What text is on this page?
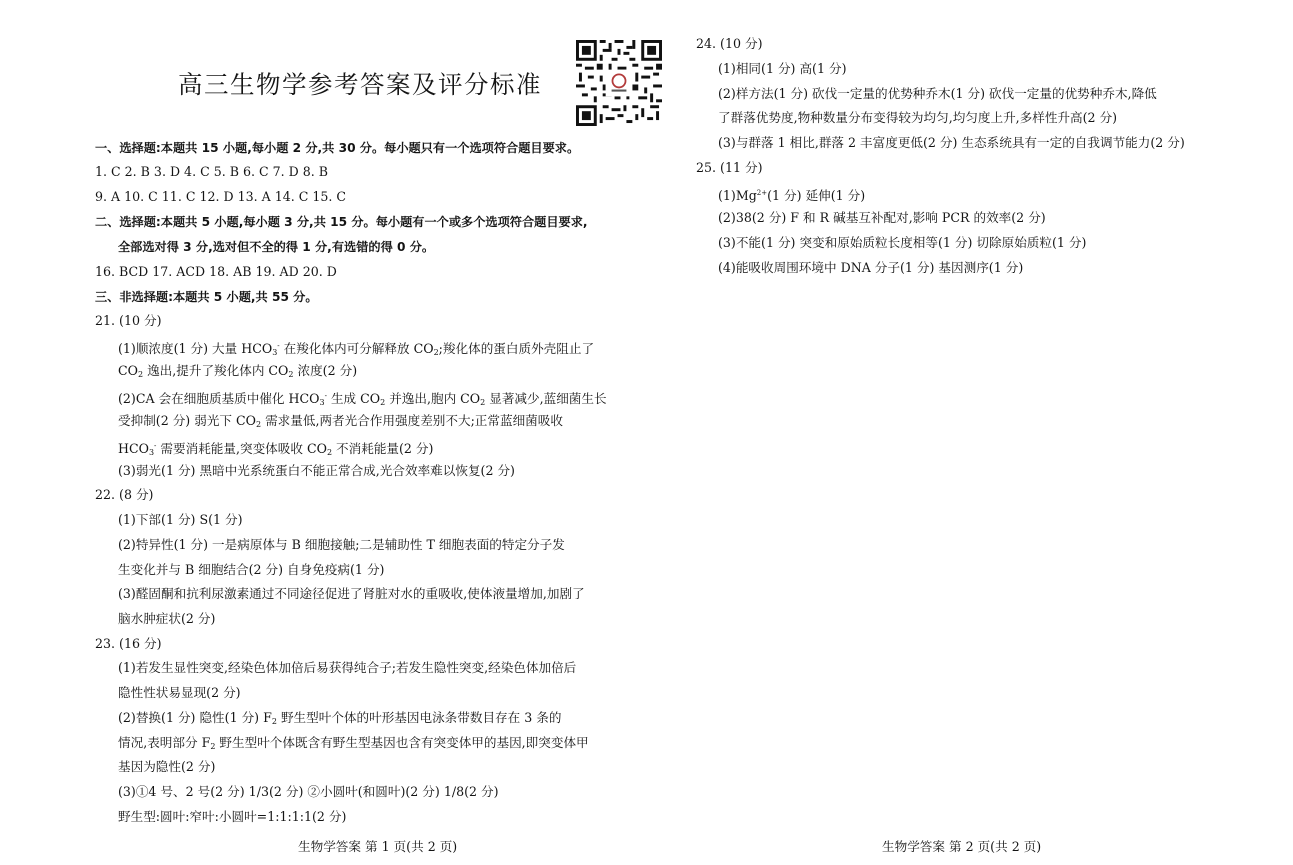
高三生物学参考答案及评分标准
一、选择题:本题共 15 小题,每小题 2 分,共 30 分。每小题只有一个选项符合题目要求。
1. C 2. B 3. D 4. C 5. B 6. C 7. D 8. B
9. A 10. C 11. C 12. D 13. A 14. C 15. C
二、选择题:本题共 5 小题,每小题 3 分,共 15 分。每小题有一个或多个选项符合题目要求,
全部选对得 3 分,选对但不全的得 1 分,有选错的得 0 分。
16. BCD 17. ACD 18. AB 19. AD 20. D
三、非选择题:本题共 5 小题,共 55 分。
21. (10 分)
(1)顺浓度(1 分) 大量 $HCO_3^-$ 在羧化体内可分解释放 $CO_2$;羧化体的蛋白质外壳阻止了
$CO_2$ 逸出,提升了羧化体内 $CO_2$ 浓度(2 分)
(2)CA 会在细胞质基质中催化 $HCO_3^-$ 生成 $CO_2$ 并逸出,胞内 $CO_2$ 显著减少,蓝细菌生长
受抑制(2 分) 弱光下 $CO_2$ 需求量低,两者光合作用强度差别不大;正常蓝细菌吸收
$HCO_3^-$ 需要消耗能量,突变体吸收 $CO_2$ 不消耗能量(2 分)
(3)弱光(1 分) 黑暗中光系统蛋白不能正常合成,光合效率难以恢复(2 分)
22. (8 分)
(1)下部(1 分) S(1 分)
(2)特异性(1 分) 一是病原体与 B 细胞接触;二是辅助性 T 细胞表面的特定分子发
生变化并与 B 细胞结合(2 分) 自身免疫病(1 分)
(3)醛固酮和抗利尿激素通过不同途径促进了肾脏对水的重吸收,使体液量增加,加剧了
脑水肿症状(2 分)
23. (16 分)
(1)若发生显性突变,经染色体加倍后易获得纯合子;若发生隐性突变,经染色体加倍后
隐性性状易显现(2 分)
(2)替换(1 分) 隐性(1 分) $F_2$ 野生型叶个体的叶形基因电泳条带数目存在 3 条的
情况,表明部分 $F_2$ 野生型叶个体既含有野生型基因也含有突变体甲的基因,即突变体甲
基因为隐性(2 分)
(3)①4 号、2 号(2 分) 1/3(2 分) ②小圆叶(和圆叶)(2 分) 1/8(2 分)
野生型:圆叶:窄叶:小圆叶=1:1:1:1(2 分)
生物学答案 第 1 页(共 2 页)
24. (10 分)
(1)相同(1 分) 高(1 分)
(2)样方法(1 分) 砍伐一定量的优势种乔木(1 分) 砍伐一定量的优势种乔木,降低
了群落优势度,物种数量分布变得较为均匀,均匀度上升,多样性升高(2 分)
(3)与群落 1 相比,群落 2 丰富度更低(2 分) 生态系统具有一定的自我调节能力(2 分)
25. (11 分)
$(1)Mg^{2+}(1$ 分) 延伸(1 分)
(2)38(2 分) F 和 R 碱基互补配对,影响 PCR 的效率(2 分)
(3)不能(1 分) 突变和原始质粒长度相等(1 分) 切除原始质粒(1 分)
(4)能吸收周围环境中 DNA 分子(1 分) 基因测序(1 分)
生物学答案 第 2 页(共 2 页)
